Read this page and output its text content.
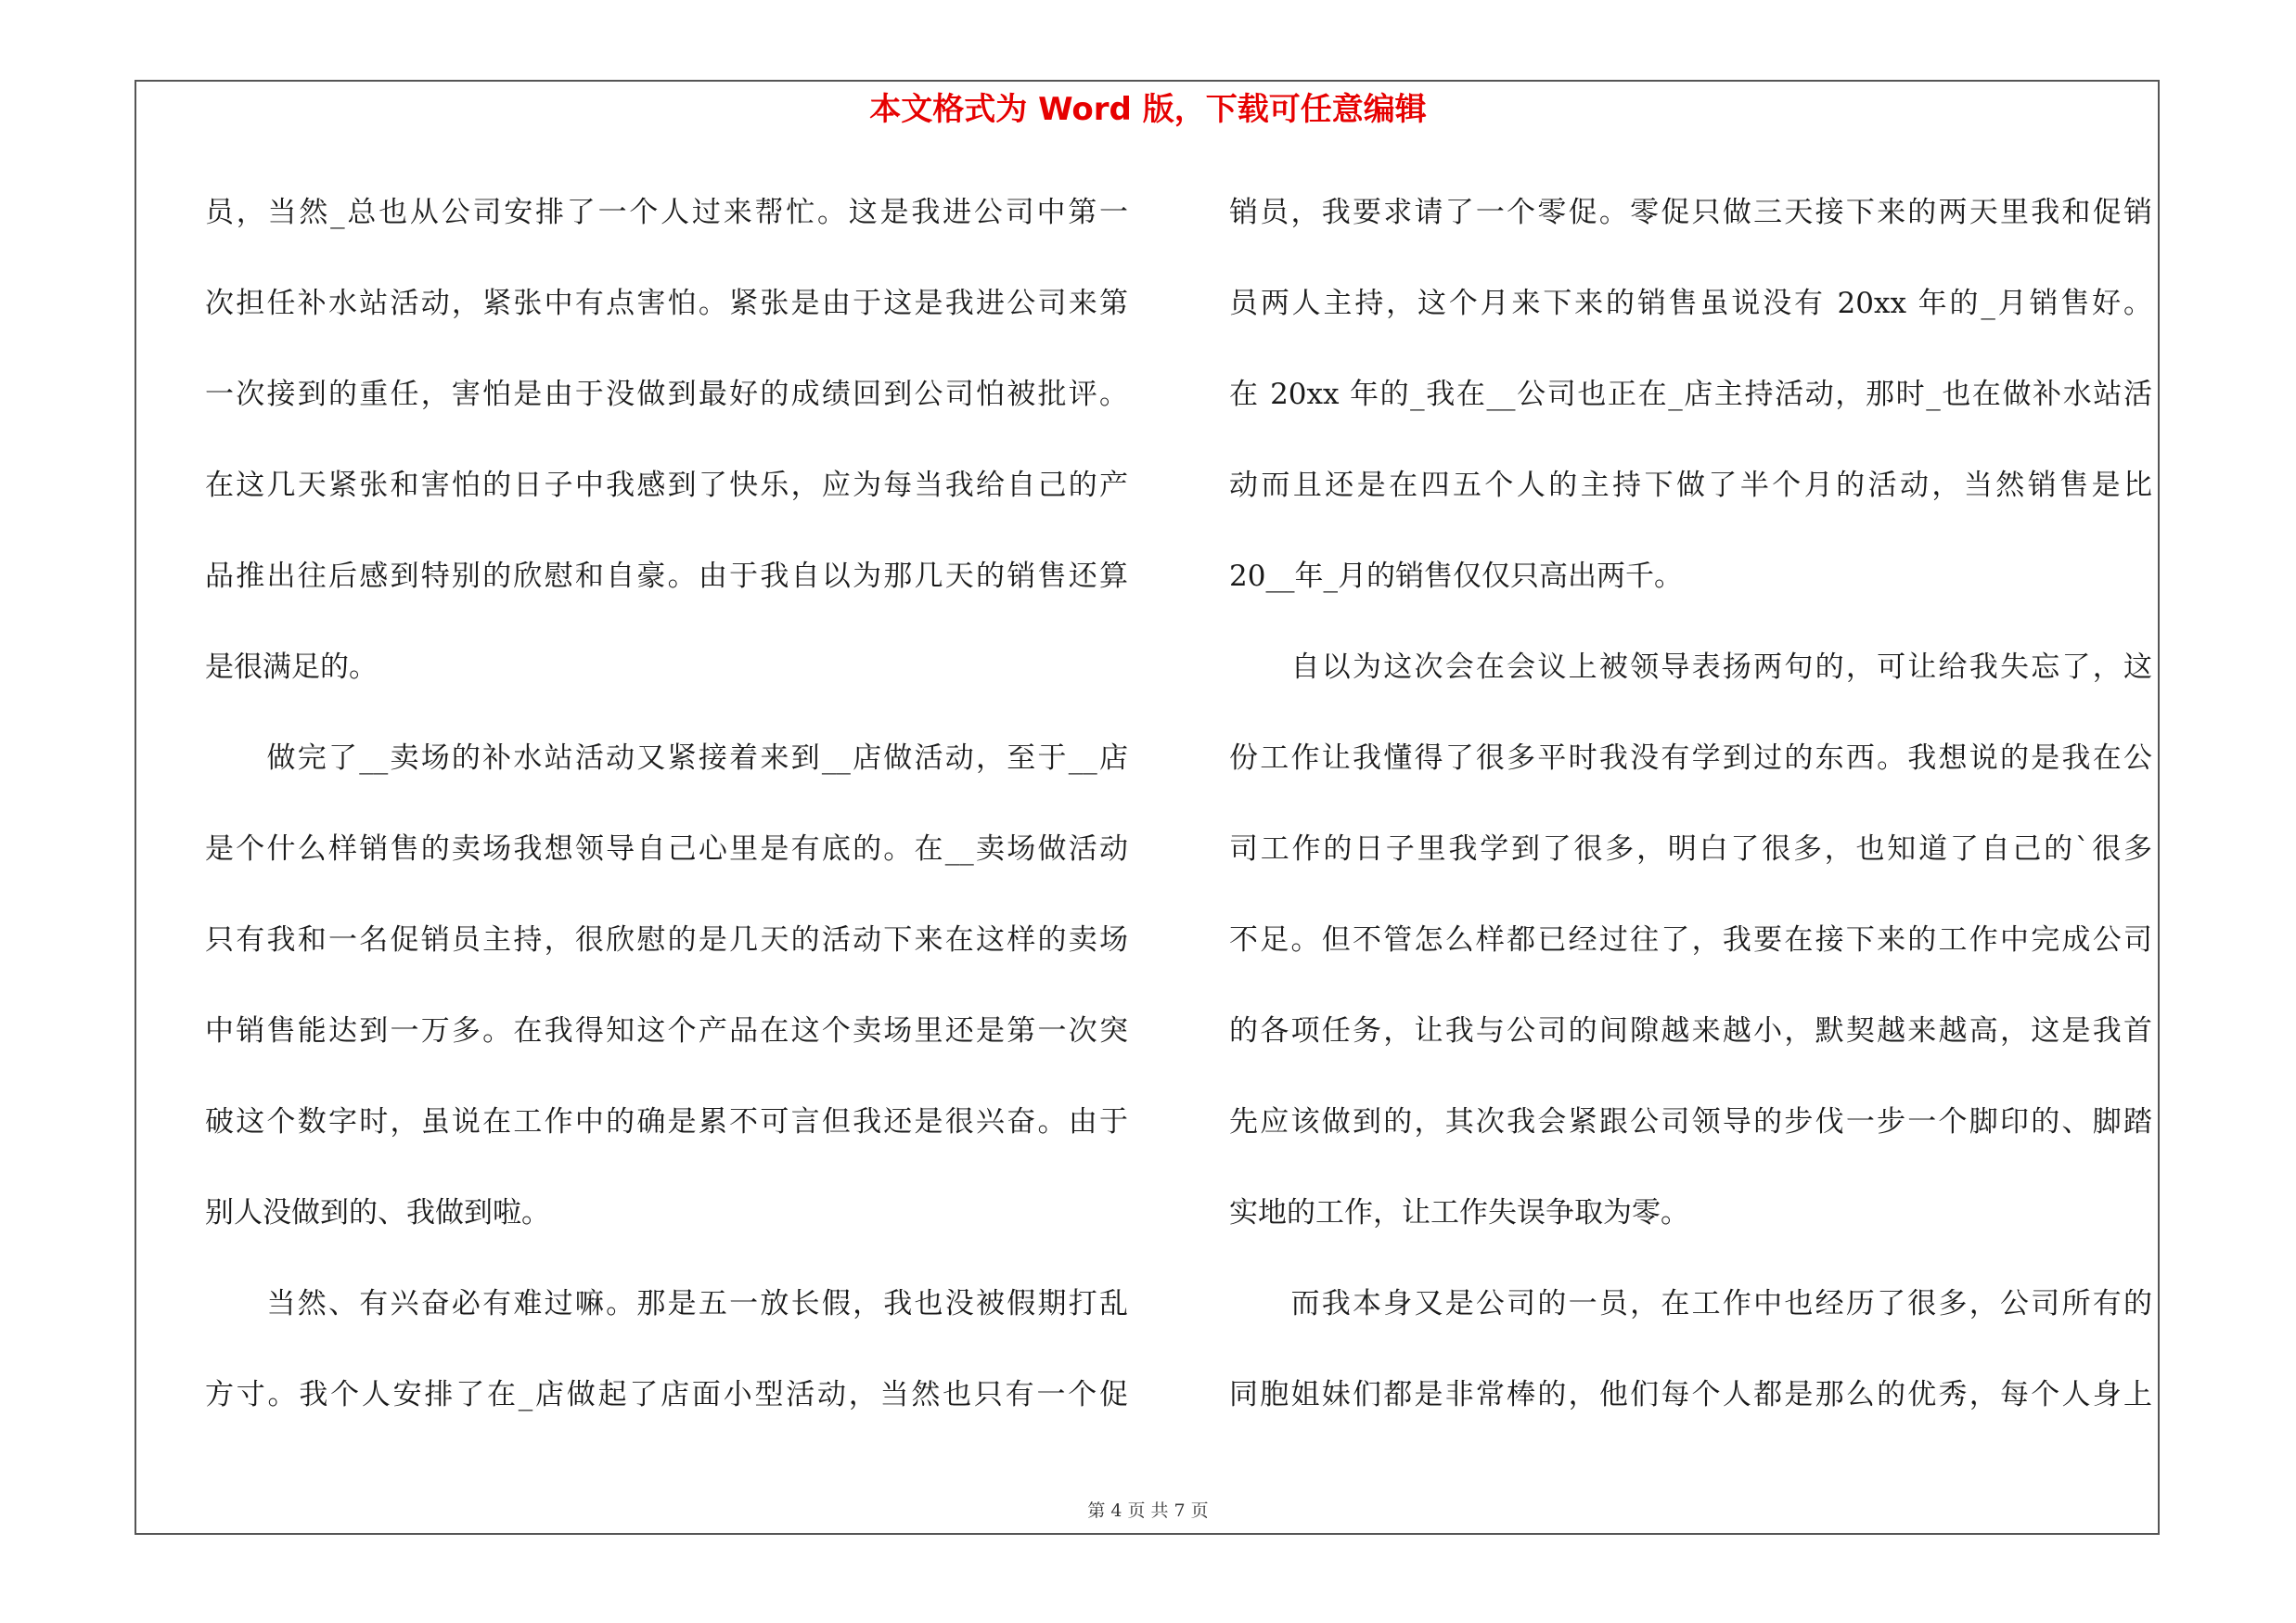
本文格式为 Word 版，下载可任意编辑
员，当然_总也从公司安排了一个人过来帮忙。这是我进公司中第一
次担任补水站活动，紧张中有点害怕。紧张是由于这是我进公司来第
一次接到的重任，害怕是由于没做到最好的成绩回到公司怕被批评。
在这几天紧张和害怕的日子中我感到了快乐，应为每当我给自己的产
品推出往后感到特别的欣慰和自豪。由于我自以为那几天的销售还算
是很满足的。
　　做完了__卖场的补水站活动又紧接着来到__店做活动，至于__店
是个什么样销售的卖场我想领导自己心里是有底的。在__卖场做活动
只有我和一名促销员主持，很欣慰的是几天的活动下来在这样的卖场
中销售能达到一万多。在我得知这个产品在这个卖场里还是第一次突
破这个数字时，虽说在工作中的确是累不可言但我还是很兴奋。由于
别人没做到的、我做到啦。
　　当然、有兴奋必有难过嘛。那是五一放长假，我也没被假期打乱
方寸。我个人安排了在_店做起了店面小型活动，当然也只有一个促
销员，我要求请了一个零促。零促只做三天接下来的两天里我和促销
员两人主持，这个月来下来的销售虽说没有 20xx 年的_月销售好。
在 20xx 年的_我在__公司也正在_店主持活动，那时_也在做补水站活
动而且还是在四五个人的主持下做了半个月的活动，当然销售是比
20__年_月的销售仅仅只高出两千。
　　自以为这次会在会议上被领导表扬两句的，可让给我失忘了，这
份工作让我懂得了很多平时我没有学到过的东西。我想说的是我在公
司工作的日子里我学到了很多，明白了很多，也知道了自己的`很多
不足。但不管怎么样都已经过往了，我要在接下来的工作中完成公司
的各项任务，让我与公司的间隙越来越小，默契越来越高，这是我首
先应该做到的，其次我会紧跟公司领导的步伐一步一个脚印的、脚踏
实地的工作，让工作失误争取为零。
　　而我本身又是公司的一员，在工作中也经历了很多，公司所有的
同胞姐妹们都是非常棒的，他们每个人都是那么的优秀，每个人身上
第 4 页 共 7 页
